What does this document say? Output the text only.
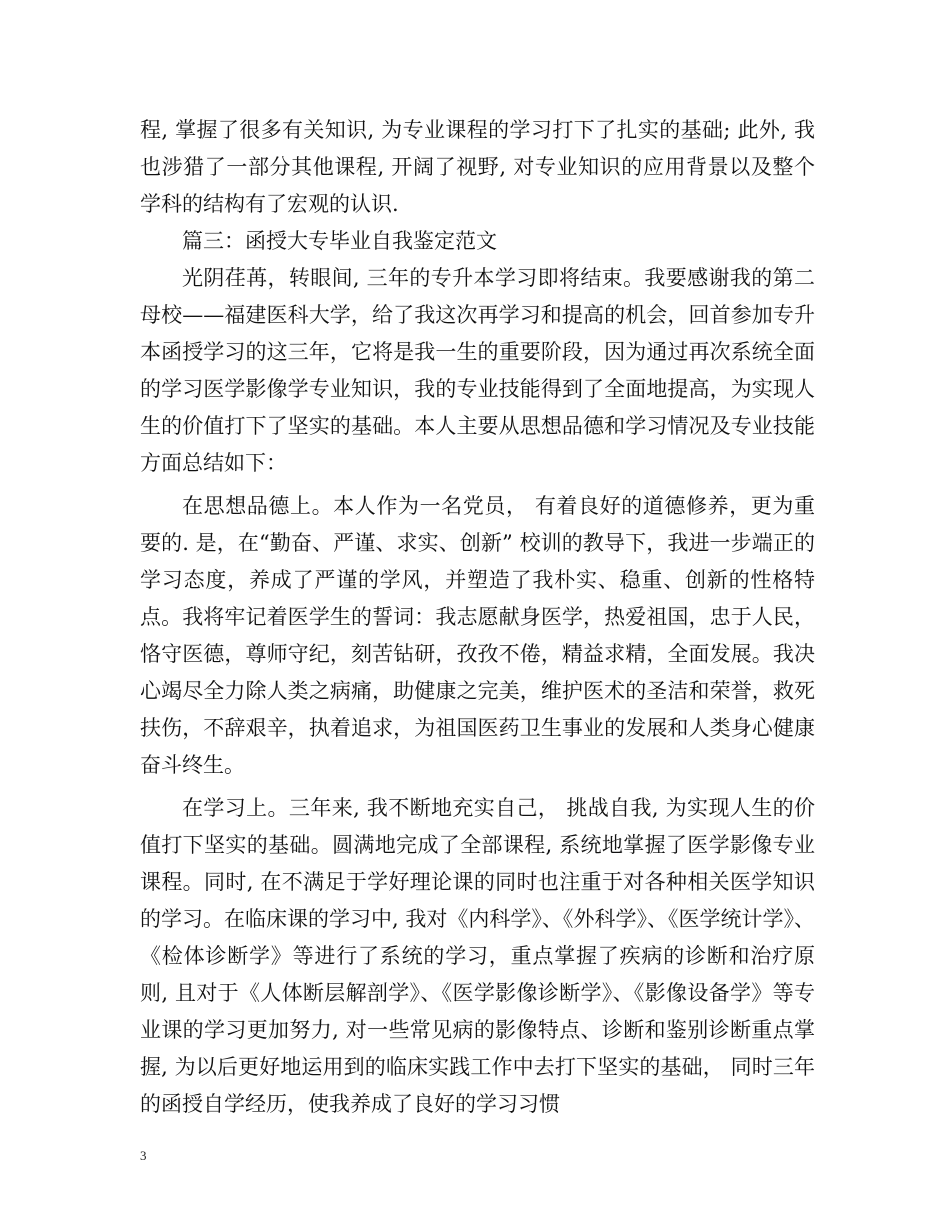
程, 掌握了很多有关知识, 为专业课程的学习打下了扎实的基础; 此外, 我也涉猎了一部分其他课程, 开阔了视野, 对专业知识的应用背景以及整个学科的结构有了宏观的认识.

篇三：函授大专毕业自我鉴定范文

光阴荏苒，转眼间, 三年的专升本学习即将结束。我要感谢我的第二母校——福建医科大学，给了我这次再学习和提高的机会，回首参加专升本函授学习的这三年，它将是我一生的重要阶段，因为通过再次系统全面的学习医学影像学专业知识，我的专业技能得到了全面地提高，为实现人生的价值打下了坚实的基础。本人主要从思想品德和学习情况及专业技能方面总结如下：

在思想品德上。本人作为一名党员， 有着良好的道德修养，更为重要的. 是，在“勤奋、严谨、求实、创新” 校训的教导下，我进一步端正的学习态度，养成了严谨的学风，并塑造了我朴实、稳重、创新的性格特点。我将牢记着医学生的誓词：我志愿献身医学，热爱祖国，忠于人民，恪守医德，尊师守纪，刻苦钻研，孜孜不倦，精益求精，全面发展。我决心竭尽全力除人类之病痛，助健康之完美，维护医术的圣洁和荣誉，救死扶伤，不辞艰辛，执着追求，为祖国医药卫生事业的发展和人类身心健康奋斗终生。

在学习上。三年来, 我不断地充实自己， 挑战自我, 为实现人生的价值打下坚实的基础。圆满地完成了全部课程, 系统地掌握了医学影像专业课程。同时, 在不满足于学好理论课的同时也注重于对各种相关医学知识的学习。在临床课的学习中, 我对《内科学》、《外科学》、《医学统计学》、《检体诊断学》等进行了系统的学习，重点掌握了疾病的诊断和治疗原则, 且对于《人体断层解剖学》、《医学影像诊断学》、《影像设备学》等专业课的学习更加努力, 对一些常见病的影像特点、诊断和鉴别诊断重点掌握, 为以后更好地运用到的临床实践工作中去打下坚实的基础， 同时三年的函授自学经历，使我养成了良好的学习习惯

3
